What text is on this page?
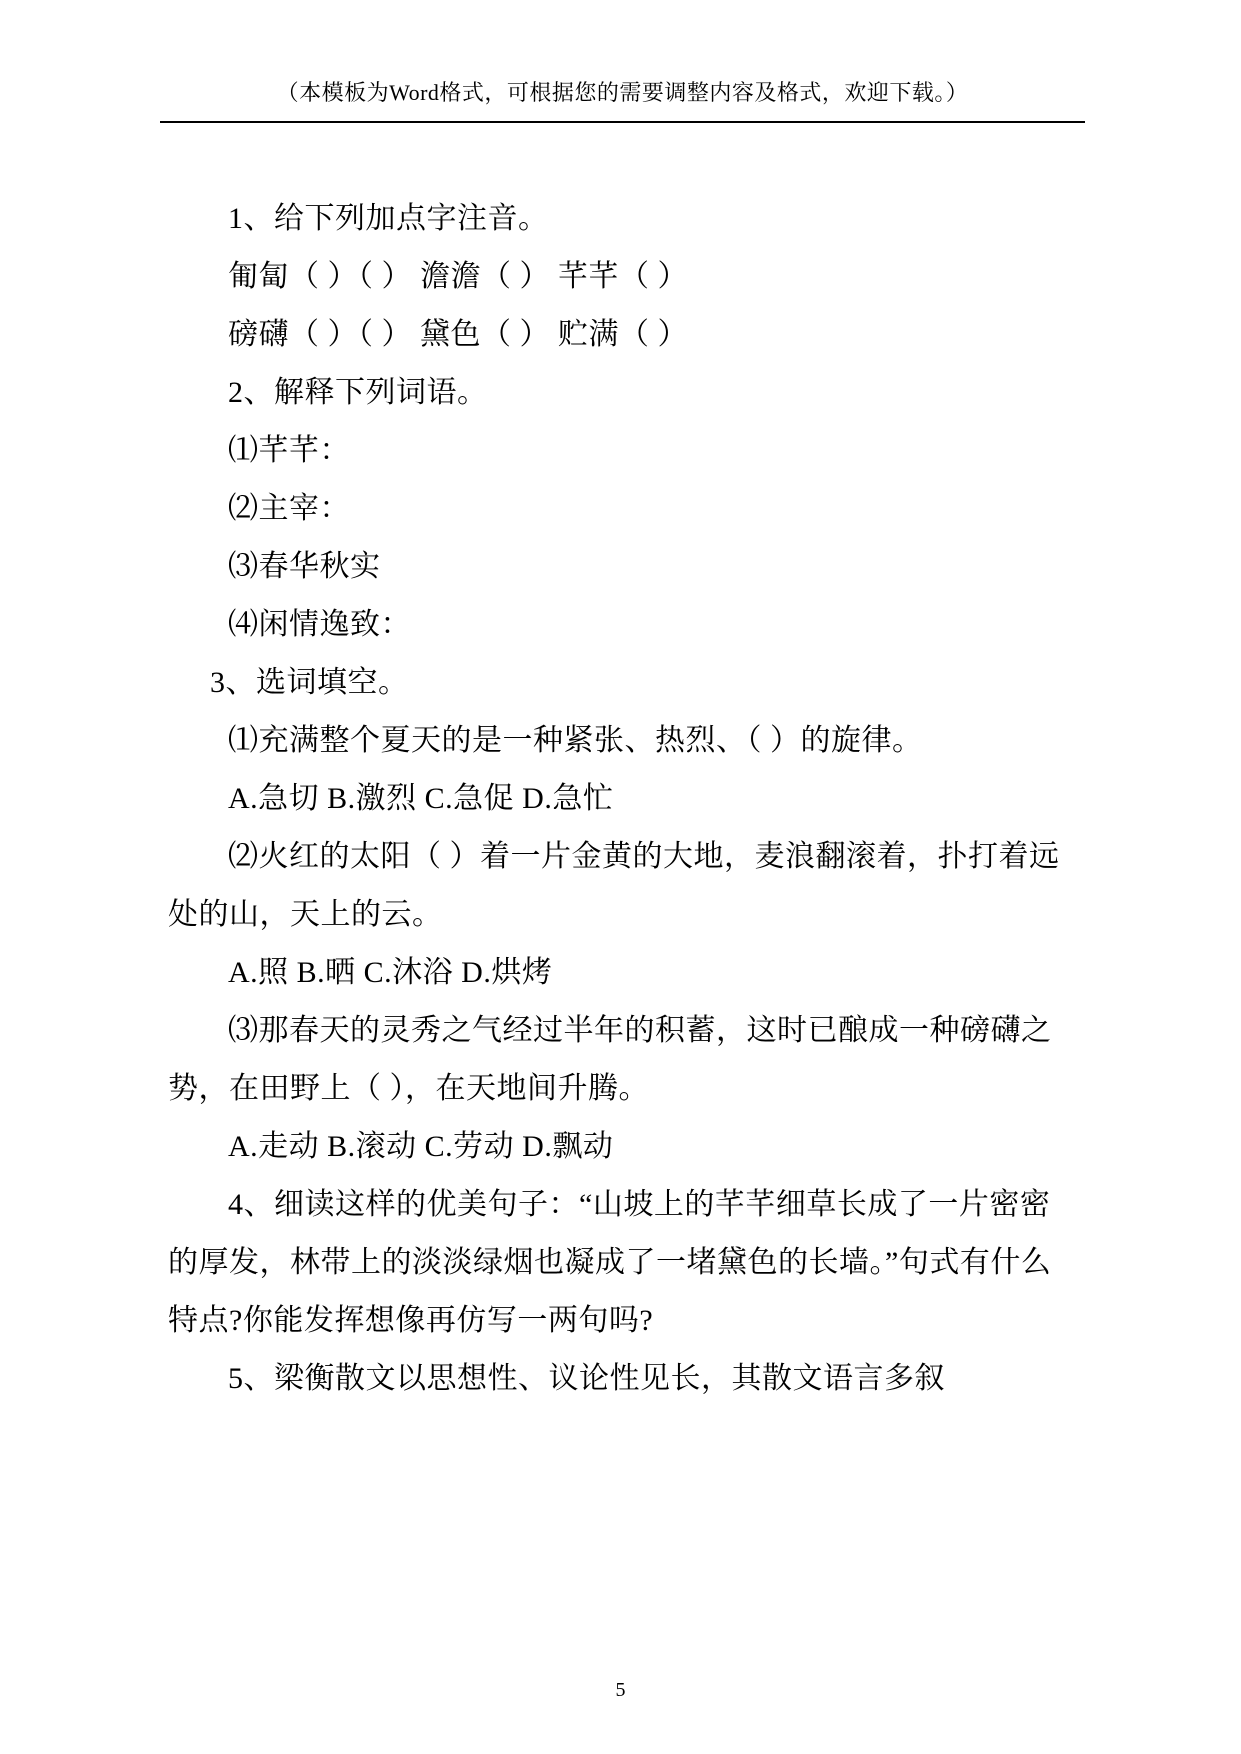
（本模板为Word格式，可根据您的需要调整内容及格式，欢迎下载。）
1、给下列加点字注音。
匍匐（ ）（ ） 澹澹（ ） 芊芊（ ）
磅礴（ ）（ ） 黛色（ ） 贮满（ ）
2、解释下列词语。
⑴芊芊：
⑵主宰：
⑶春华秋实
⑷闲情逸致：
3、选词填空。
⑴充满整个夏天的是一种紧张、热烈、（ ）的旋律。
A.急切 B.激烈 C.急促 D.急忙
⑵火红的太阳（ ）着一片金黄的大地，麦浪翻滚着，扑打着远处的山，天上的云。
A.照 B.晒 C.沐浴 D.烘烤
⑶那春天的灵秀之气经过半年的积蓄，这时已酿成一种磅礴之势，在田野上（ ），在天地间升腾。
A.走动 B.滚动 C.劳动 D.飘动
4、细读这样的优美句子：“山坡上的芊芊细草长成了一片密密的厚发，林带上的淡淡绿烟也凝成了一堵黛色的长墙。”句式有什么特点?你能发挥想像再仿写一两句吗?
5、梁衡散文以思想性、议论性见长，其散文语言多叙
5
